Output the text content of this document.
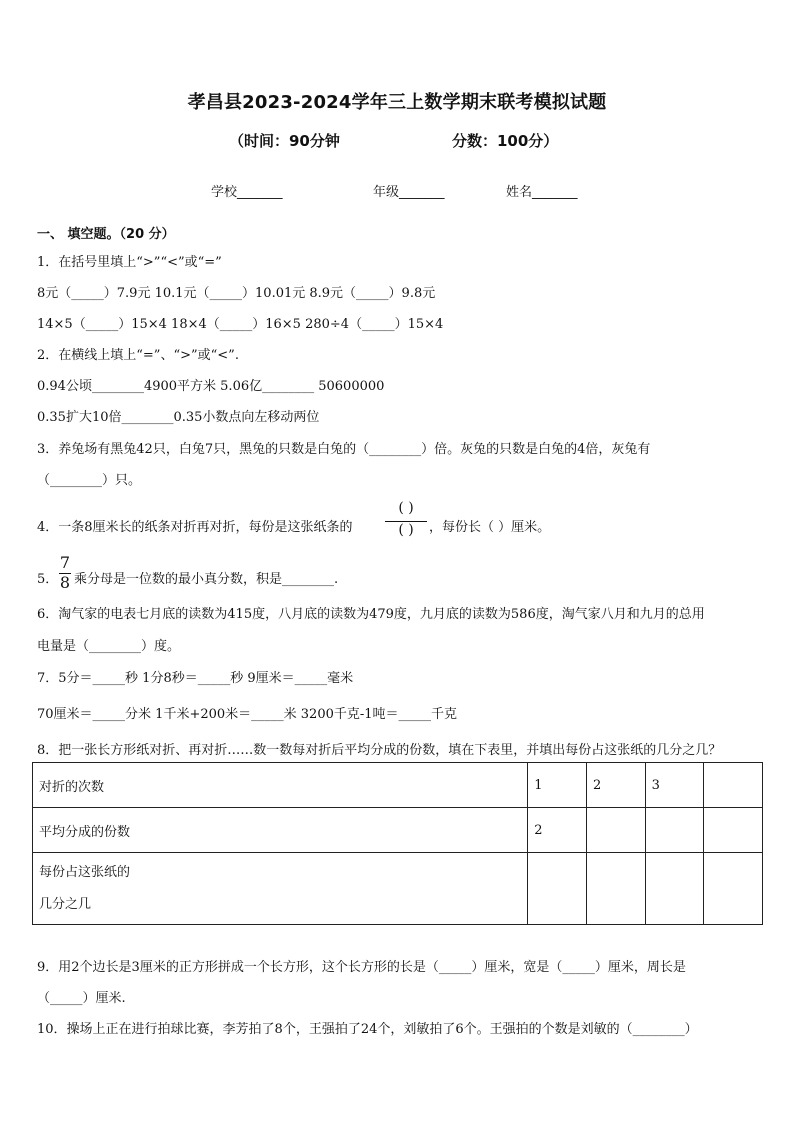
孝昌县2023-2024学年三上数学期末联考模拟试题
（时间：90分钟	分数：100分）
学校_______	年级_______	姓名_______
一、 填空题。（20 分）
1．在括号里填上“>”“<”或“=”
8元（_____）7.9元 10.1元（_____）10.01元 8.9元（_____）9.8元
14×5（_____）15×4 18×4（_____）16×5 280÷4（_____）15×4
2．在横线上填上“=”、“>”或“<”.
0.94公顷________4900平方米 5.06亿________ 50600000
0.35扩大10倍________0.35小数点向左移动两位
3．养兔场有黑兔42只，白兔7只，黑兔的只数是白兔的（________）倍。灰兔的只数是白兔的4倍，灰兔有
（________）只。
4．一条8厘米长的纸条对折再对折，每份是这张纸条的
( )
( )	，每份长（ ）厘米。
5．
7
8 乘分母是一位数的最小真分数，积是________.
6．淘气家的电表七月底的读数为415度，八月底的读数为479度，九月底的读数为586度，淘气家八月和九月的总用
电量是（________）度。
7．5分＝_____秒 1分8秒＝_____秒 9厘米＝_____毫米
70厘米＝_____分米 1千米+200米＝_____米 3200千克-1吨＝_____千克
8．把一张长方形纸对折、再对折……数一数每对折后平均分成的份数，填在下表里，并填出每份占这张纸的几分之几？
对折的次数	1	2	3	
平均分成的份数	2			

每份占这张纸的
几分之几				

9．用2个边长是3厘米的正方形拼成一个长方形，这个长方形的长是（_____）厘米，宽是（_____）厘米，周长是
（_____）厘米.
10．操场上正在进行拍球比赛，李芳拍了8个，王强拍了24个，刘敏拍了6个。王强拍的个数是刘敏的（________）
